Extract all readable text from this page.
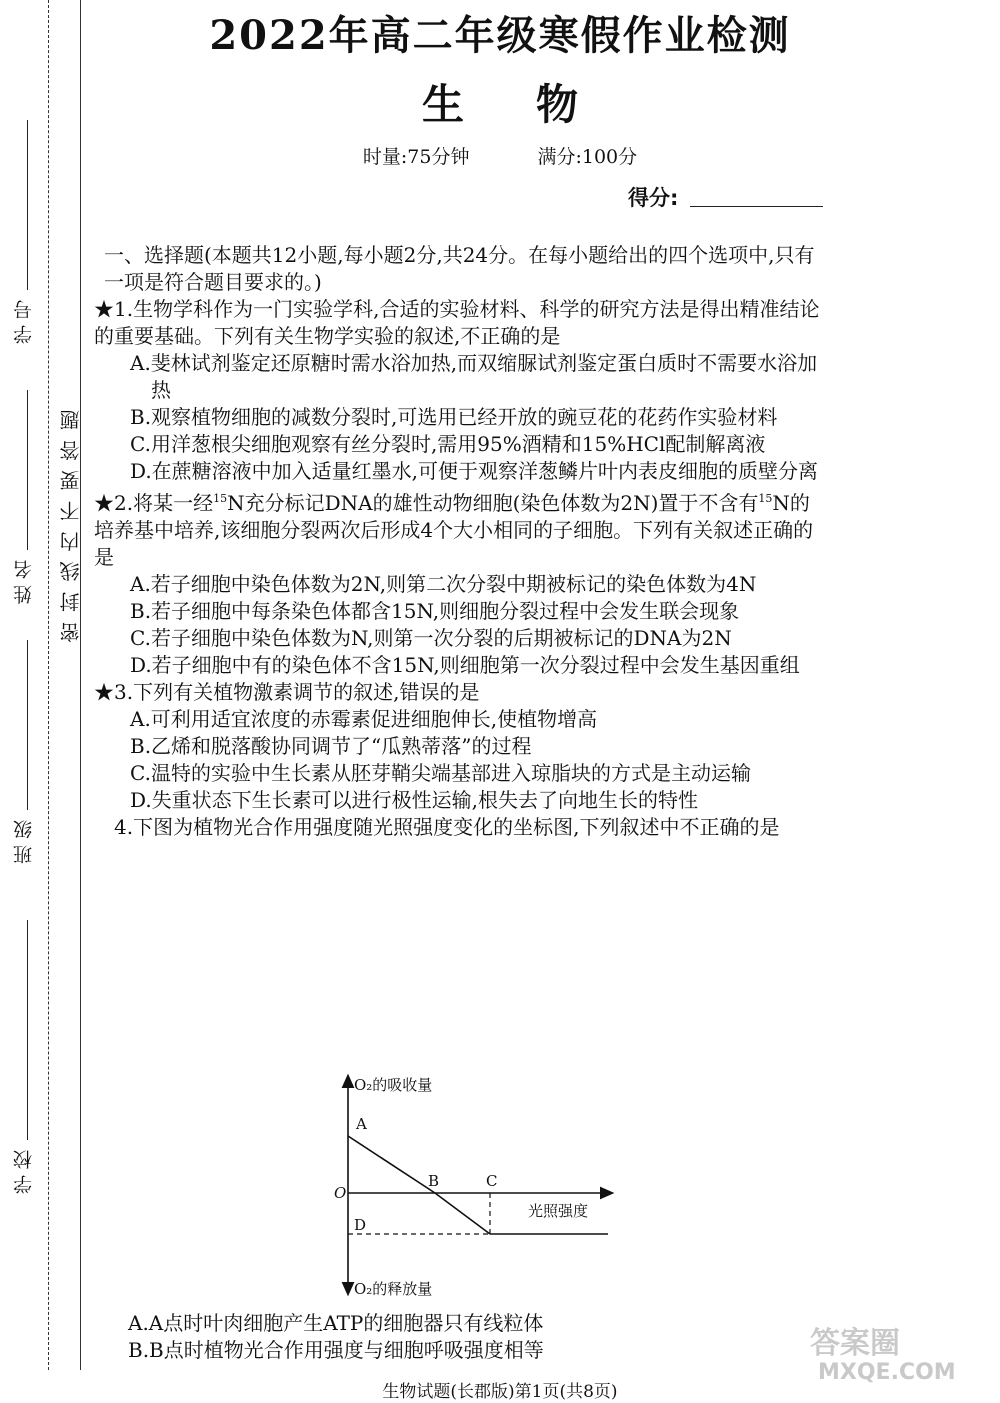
学 号
姓 名
班 级
学 校
密 封 线 内 不 要 答 题
2022年高二年级寒假作业检测
生 物
时量:75分钟	满分:100分
得分:

一、选择题(本题共12小题,每小题2分,共24分。在每小题给出的四个选项中,只有一项是符合题目要求的。)

★1.生物学科作为一门实验学科,合适的实验材料、科学的研究方法是得出精准结论的重要基础。下列有关生物学实验的叙述,不正确的是

A.斐林试剂鉴定还原糖时需水浴加热,而双缩脲试剂鉴定蛋白质时不需要水浴加热

B.观察植物细胞的减数分裂时,可选用已经开放的豌豆花的花药作实验材料

C.用洋葱根尖细胞观察有丝分裂时,需用95%酒精和15%HCl配制解离液

D.在蔗糖溶液中加入适量红墨水,可便于观察洋葱鳞片叶内表皮细胞的质壁分离

★2.将某一经$^{15}$N充分标记DNA的雄性动物细胞(染色体数为2N)置于不含有$^{15}$N的培养基中培养,该细胞分裂两次后形成4个大小相同的子细胞。下列有关叙述正确的是

A.若子细胞中染色体数为2N,则第二次分裂中期被标记的染色体数为4N

B.若子细胞中每条染色体都含15N,则细胞分裂过程中会发生联会现象

C.若子细胞中染色体数为N,则第一次分裂的后期被标记的DNA为2N

D.若子细胞中有的染色体不含15N,则细胞第一次分裂过程中会发生基因重组

★3.下列有关植物激素调节的叙述,错误的是

A.可利用适宜浓度的赤霉素促进细胞伸长,使植物增高

B.乙烯和脱落酸协同调节了“瓜熟蒂落”的过程

C.温特的实验中生长素从胚芽鞘尖端基部进入琼脂块的方式是主动运输

D.失重状态下生长素可以进行极性运输,根失去了向地生长的特性

4.下图为植物光合作用强度随光照强度变化的坐标图,下列叙述中不正确的是

O₂的吸收量
O₂的释放量
光照强度
O
A
B	C
D
A.A点时叶肉细胞产生ATP的细胞器只有线粒体
B.B点时植物光合作用强度与细胞呼吸强度相等
生物试题(长郡版)第1页(共8页)
答案圈
MXQE.COM
